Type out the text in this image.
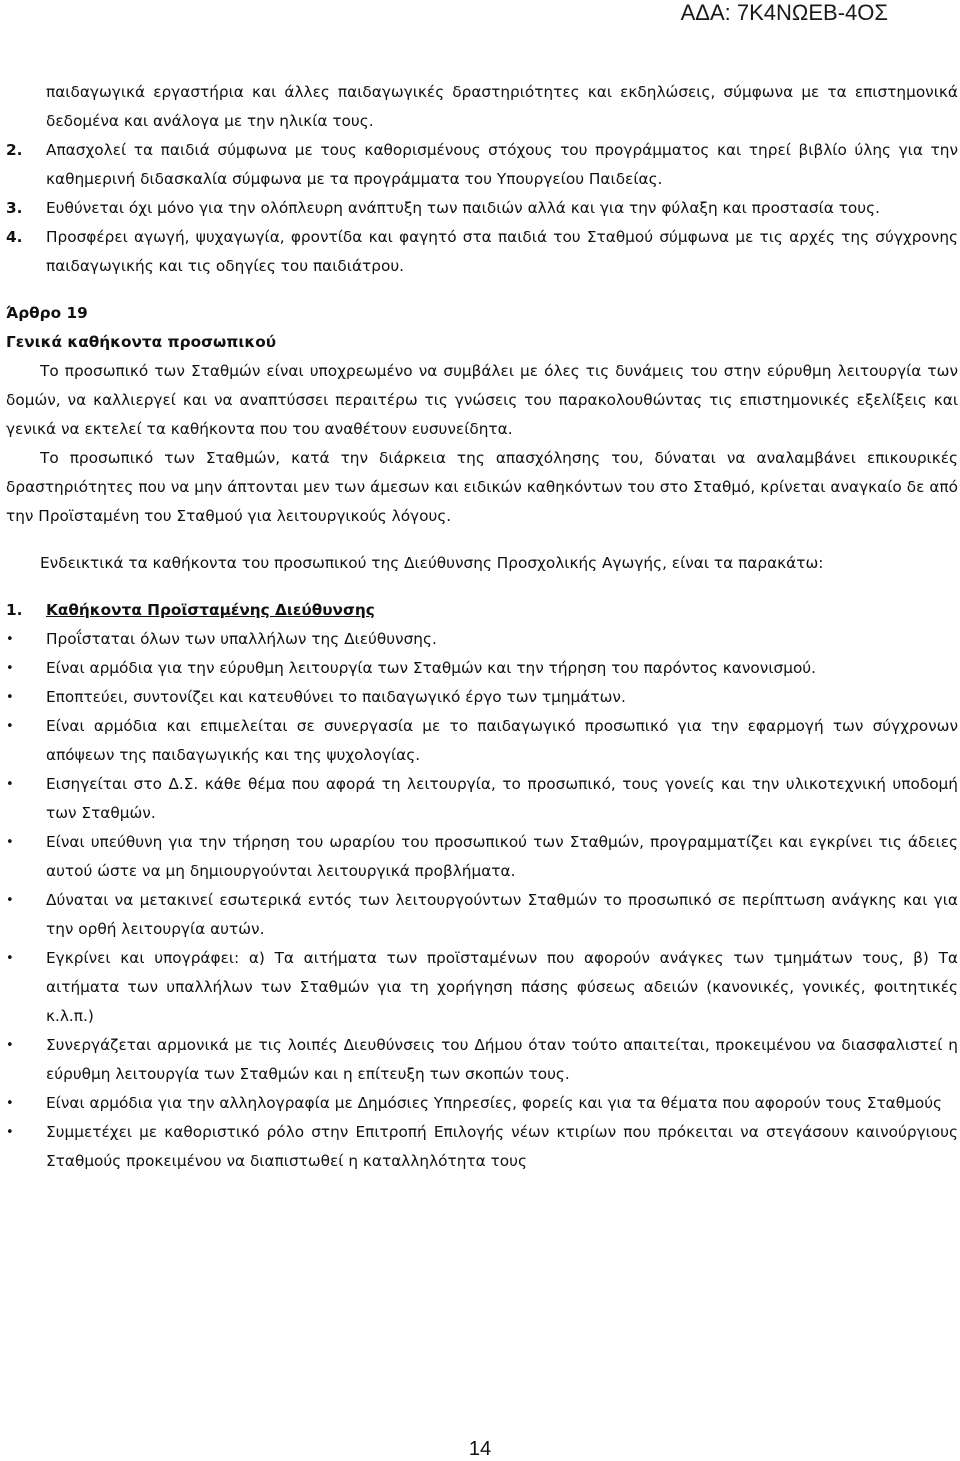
ΑΔΑ: 7Κ4ΝΩΕΒ-4ΟΣ

παιδαγωγικά εργαστήρια και άλλες παιδαγωγικές δραστηριότητες και εκδηλώσεις, σύμφωνα με τα επιστημονικά δεδομένα και ανάλογα με την ηλικία τους.

2.	Απασχολεί τα παιδιά σύμφωνα με τους καθορισμένους στόχους του προγράμματος και τηρεί βιβλίο ύλης για την καθημερινή διδασκαλία σύμφωνα με τα προγράμματα του Υπουργείου Παιδείας.
3.	Ευθύνεται όχι μόνο για την ολόπλευρη ανάπτυξη των παιδιών αλλά και για την φύλαξη και προστασία τους.
4.	Προσφέρει αγωγή, ψυχαγωγία, φροντίδα και φαγητό στα παιδιά του Σταθμού σύμφωνα με τις αρχές της σύγχρονης παιδαγωγικής και τις οδηγίες του παιδιάτρου.
Άρθρο 19
Γενικά καθήκοντα προσωπικού

Το προσωπικό των Σταθμών είναι υποχρεωμένο να συμβάλει με όλες τις δυνάμεις του στην εύρυθμη λειτουργία των δομών, να καλλιεργεί και να αναπτύσσει περαιτέρω τις γνώσεις του παρακολουθώντας τις επιστημονικές εξελίξεις και γενικά να εκτελεί τα καθήκοντα που του αναθέτουν ευσυνείδητα.

Το προσωπικό των Σταθμών, κατά την διάρκεια της απασχόλησης του, δύναται να αναλαμβάνει επικουρικές δραστηριότητες που να μην άπτονται μεν των άμεσων και ειδικών καθηκόντων του στο Σταθμό, κρίνεται αναγκαίο δε από την Προϊσταμένη του Σταθμού για λειτουργικούς λόγους.

Ενδεικτικά τα καθήκοντα του προσωπικού της Διεύθυνσης Προσχολικής Αγωγής, είναι τα παρακάτω:

1.	Καθήκοντα Προϊσταμένης Διεύθυνσης
•	Προΐσταται όλων των υπαλλήλων της Διεύθυνσης.
•	Είναι αρμόδια για την εύρυθμη λειτουργία των Σταθμών και την τήρηση του παρόντος κανονισμού.
•	Εποπτεύει, συντονίζει και κατευθύνει το παιδαγωγικό έργο των τμημάτων.
•	Είναι αρμόδια και επιμελείται σε συνεργασία με το παιδαγωγικό προσωπικό για την εφαρμογή των σύγχρονων απόψεων της παιδαγωγικής και της ψυχολογίας.
•	Εισηγείται στο Δ.Σ. κάθε θέμα που αφορά τη λειτουργία, το προσωπικό, τους γονείς και την υλικοτεχνική υποδομή των Σταθμών.
•	Είναι υπεύθυνη για την τήρηση του ωραρίου του προσωπικού των Σταθμών, προγραμματίζει και εγκρίνει τις άδειες αυτού ώστε να μη δημιουργούνται λειτουργικά προβλήματα.
•	Δύναται να μετακινεί εσωτερικά εντός των λειτουργούντων Σταθμών το προσωπικό σε περίπτωση ανάγκης και για την ορθή λειτουργία αυτών.
•	Εγκρίνει και υπογράφει: α) Τα αιτήματα των προϊσταμένων που αφορούν ανάγκες των τμημάτων τους, β) Τα αιτήματα των υπαλλήλων των Σταθμών για τη χορήγηση πάσης φύσεως αδειών (κανονικές, γονικές, φοιτητικές κ.λ.π.)
•	Συνεργάζεται αρμονικά με τις λοιπές Διευθύνσεις του Δήμου όταν τούτο απαιτείται, προκειμένου να διασφαλιστεί η εύρυθμη λειτουργία των Σταθμών και η επίτευξη των σκοπών τους.
•	Είναι αρμόδια για την αλληλογραφία με Δημόσιες Υπηρεσίες, φορείς και για τα θέματα που αφορούν τους Σταθμούς
•	Συμμετέχει με καθοριστικό ρόλο στην Επιτροπή Επιλογής νέων κτιρίων που πρόκειται να στεγάσουν καινούργιους Σταθμούς προκειμένου να διαπιστωθεί η καταλληλότητα τους
14
